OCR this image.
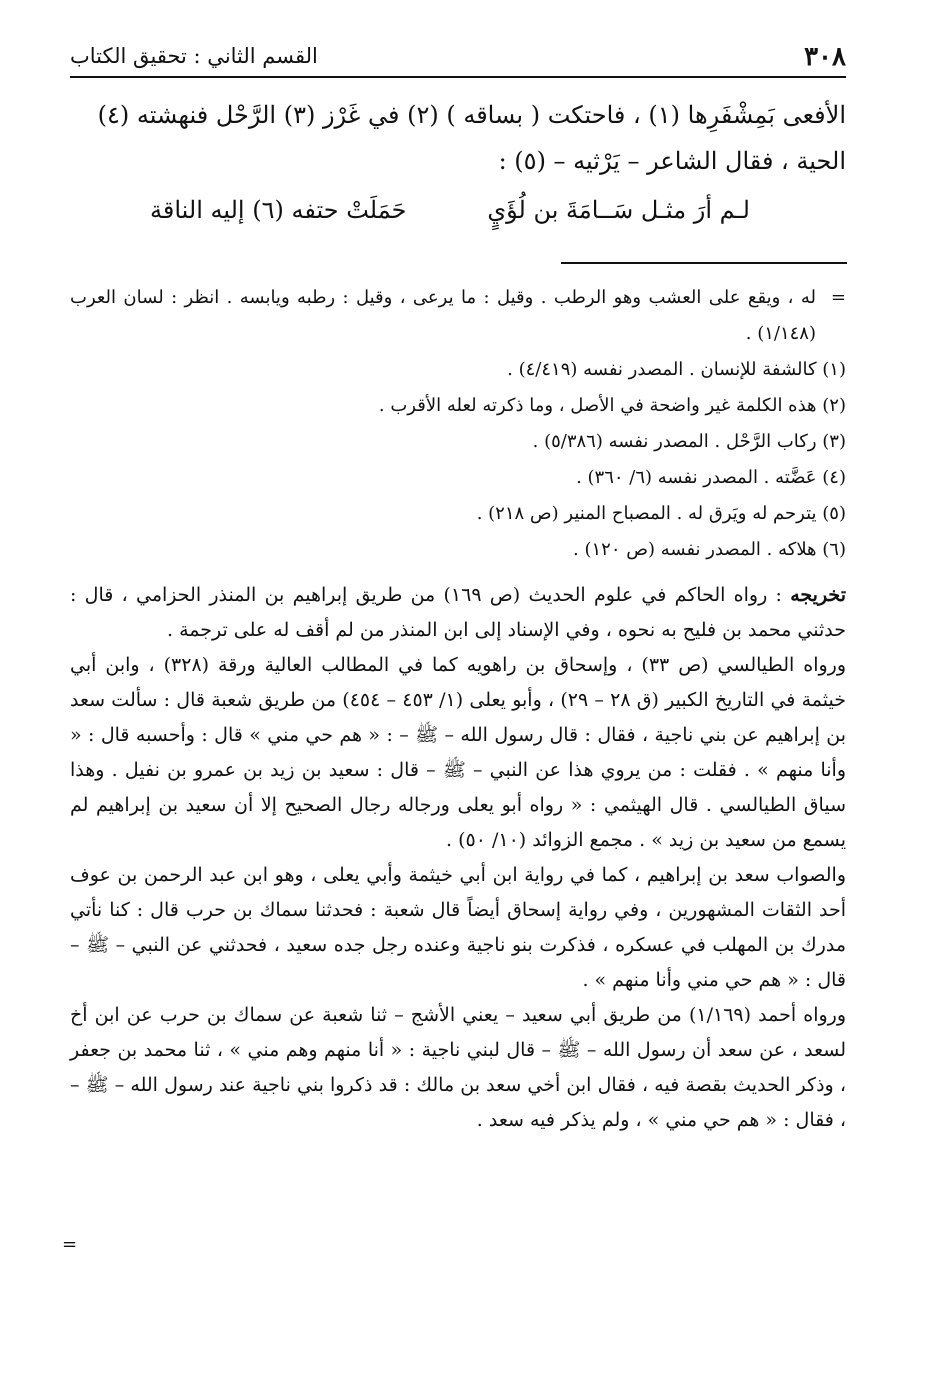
٣٠٨
القسم الثاني : تحقيق الكتاب

الأفعى بَمِشْفَرِها (١) ، فاحتكت ( بساقه ) (٢) في غَرْز (٣) الرَّحْل فنهشته (٤)

الحية ، فقال الشاعر – يَرْثيه – (٥) :

لـم أرَ مثـل سَــامَةَ بن لُؤَيٍ
حَمَلَتْ حتفه (٦) إليه الناقة

=
له ، ويقع على العشب وهو الرطب . وقيل : ما يرعى ، وقيل : رطبه ويابسه . انظر : لسان العرب (١/١٤٨) .

(١) كالشفة للإنسان . المصدر نفسه (٤/٤١٩) .

(٢) هذه الكلمة غير واضحة في الأصل ، وما ذكرته لعله الأقرب .

(٣) ركاب الرَّحْل . المصدر نفسه (٥/٣٨٦) .

(٤) عَضَّته . المصدر نفسه (٦/ ٣٦٠) .

(٥) يترحم له ويَرق له . المصباح المنير (ص ٢١٨) .

(٦) هلاكه . المصدر نفسه (ص ١٢٠) .

تخريجه : رواه الحاكم في علوم الحديث (ص ١٦٩) من طريق إبراهيم بن المنذر الحزامي ، قال : حدثني محمد بن فليح به نحوه ، وفي الإسناد إلى ابن المنذر من لم أقف له على ترجمة .

ورواه الطيالسي (ص ٣٣) ، وإسحاق بن راهويه كما في المطالب العالية ورقة (٣٢٨) ، وابن أبي خيثمة في التاريخ الكبير (ق ٢٨ – ٢٩) ، وأبو يعلى (١/ ٤٥٣ – ٤٥٤) من طريق شعبة قال : سألت سعد بن إبراهيم عن بني ناجية ، فقال : قال رسول الله – ﷺ – : « هم حي مني » قال : وأحسبه قال : « وأنا منهم » . فقلت : من يروي هذا عن النبي – ﷺ – قال : سعيد بن زيد بن عمرو بن نفيل . وهذا سياق الطيالسي . قال الهيثمي : « رواه أبو يعلى ورجاله رجال الصحيح إلا أن سعيد بن إبراهيم لم يسمع من سعيد بن زيد » . مجمع الزوائد (١٠/ ٥٠) .

والصواب سعد بن إبراهيم ، كما في رواية ابن أبي خيثمة وأبي يعلى ، وهو ابن عبد الرحمن بن عوف أحد الثقات المشهورين ، وفي رواية إسحاق أيضاً قال شعبة : فحدثنا سماك بن حرب قال : كنا نأتي مدرك بن المهلب في عسكره ، فذكرت بنو ناجية وعنده رجل جده سعيد ، فحدثني عن النبي – ﷺ – قال : « هم حي مني وأنا منهم » .

ورواه أحمد (١/١٦٩) من طريق أبي سعيد – يعني الأشج – ثنا شعبة عن سماك بن حرب عن ابن أخ لسعد ، عن سعد أن رسول الله – ﷺ – قال لبني ناجية : « أنا منهم وهم مني » ، ثنا محمد بن جعفر ، وذكر الحديث بقصة فيه ، فقال ابن أخي سعد بن مالك : قد ذكروا بني ناجية عند رسول الله – ﷺ – ، فقال : « هم حي مني » ، ولم يذكر فيه سعد .

=
